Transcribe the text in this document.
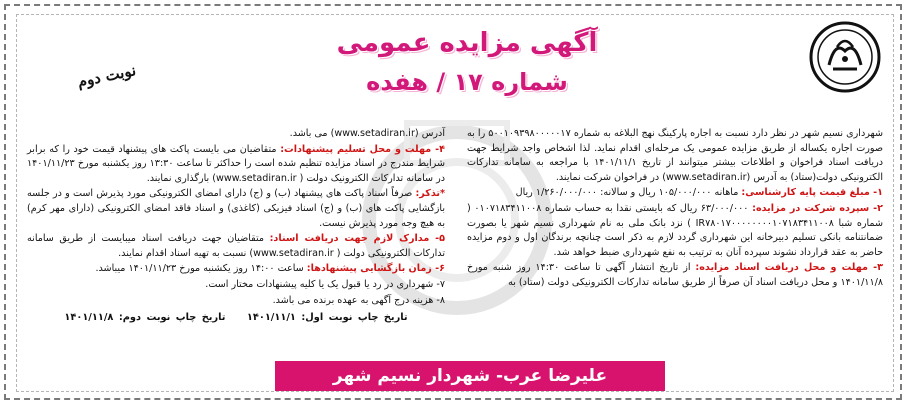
آگهی مزایده عمومی
شماره ۱۷ / هفده
نوبت دوم

شهرداری نسیم شهر در نظر دارد نسبت به اجاره پارکینگ نهج البلاغه به شماره ۵۰۰۱۰۹۳۹۸۰۰۰۰۰۱۷ را به صورت اجاره یکساله از طریق مزایده عمومی یک مرحله‌ای اقدام نماید. لذا اشخاص واجد شرایط جهت دریافت اسناد فراخوان و اطلاعات بیشتر میتوانند از تاریخ ۱۴۰۱/۱۱/۱ با مراجعه به سامانه تدارکات الکترونیکی دولت(ستاد) به آدرس (www.setadiran.ir) در فراخوان شرکت نمایند.

۱- مبلغ قیمت پایه کارشناسی: ماهانه ۱۰۵/۰۰۰/۰۰۰ ریال و سالانه: ۱/۲۶۰/۰۰۰/۰۰۰ ریال

۲- سپرده شرکت در مزایده: ۶۳/۰۰۰/۰۰۰ ریال که بایستی نقدا به حساب شماره ۰۱۰۷۱۸۳۴۱۱۰۰۸ ( شماره شبا IR۷۸۰۱۷۰۰۰۰۰۰۰۰۱۰۷۱۸۳۴۱۱۰۰۸ ) نزد بانک ملی به نام شهرداری نسیم شهر یا بصورت ضمانتنامه بانکی تسلیم دبیرخانه این شهرداری گردد لازم به ذکر است چنانچه برندگان اول و دوم مزایده حاضر به عقد قرارداد نشوند سپرده آنان به ترتیب به نفع شهرداری ضبط خواهد شد.

۳- مهلت و محل دریافت اسناد مزایده: از تاریخ انتشار آگهی تا ساعت ۱۴:۳۰ روز شنبه مورخ ۱۴۰۱/۱۱/۸ و محل دریافت اسناد آن صرفاً از طریق سامانه تدارکات الکترونیکی دولت (ستاد) به

آدرس (www.setadiran.ir) می باشد.

۴- مهلت و محل تسلیم پیشنهادات: متقاضیان می بایست پاکت های پیشنهاد قیمت خود را که برابر شرایط مندرج در اسناد مزایده تنظیم شده است را حداکثر تا ساعت ۱۳:۳۰ روز یکشنبه مورخ ۱۴۰۱/۱۱/۲۳ در سامانه تدارکات الکترونیک دولت ( www.setadiran.ir) بارگذاری نمایند.

*تذکر: صرفاً اسناد پاکت های پیشنهاد (ب) و (ج) دارای امضای الکترونیکی مورد پذیرش است و در جلسه بازگشایی پاکت های (ب) و (ج) اسناد فیزیکی (کاغذی) و اسناد فاقد امضای الکترونیکی (دارای مهر کرم) به هیچ وجه مورد پذیرش نیست.

۵- مدارک لازم جهت دریافت اسناد: متقاضیان جهت دریافت اسناد میبایست از طریق سامانه تدارکات الکترونیکی دولت ( www.setadiran.ir) نسبت به تهیه اسناد اقدام نمایند.

۶- زمان بازگشایی پیشنهادها: ساعت ۱۴:۰۰ روز یکشنبه مورخ ۱۴۰۱/۱۱/۲۳ میباشد.

۷- شهرداری در رد یا قبول یک یا کلیه پیشنهادات مختار است.

۸- هزینه درج آگهی به عهده برنده می باشد.

تاریخ چاپ نوبت اول: ۱۴۰۱/۱۱/۱ تاریخ چاپ نوبت دوم: ۱۴۰۱/۱۱/۸
علیرضا عرب- شهردار نسیم شهر
